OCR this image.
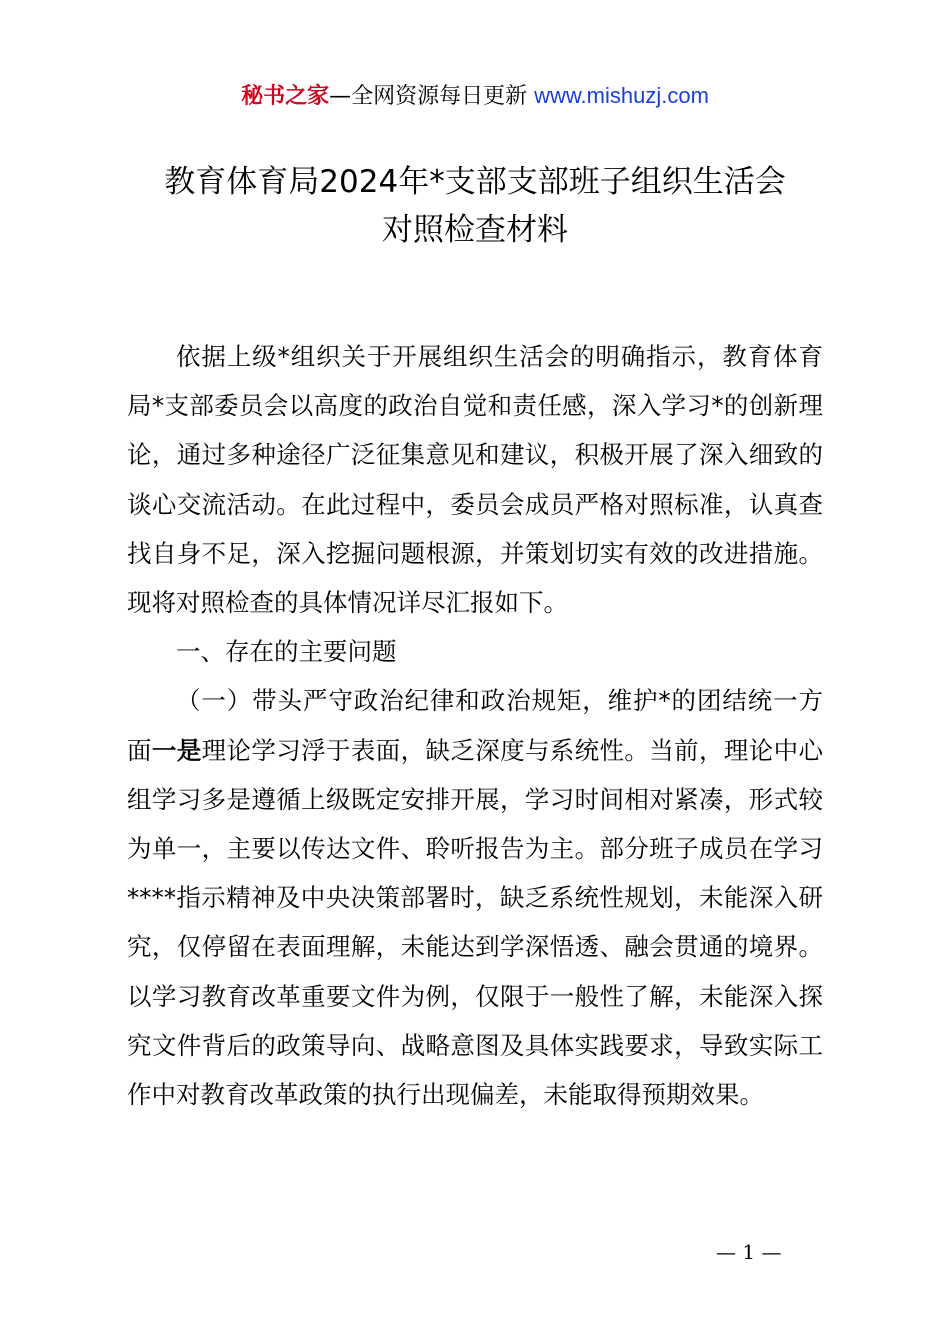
秘书之家—全网资源每日更新 www.mishuzj.com
教育体育局2024年*支部支部班子组织生活会
对照检查材料

依据上级*组织关于开展组织生活会的明确指示，教育体育局*支部委员会以高度的政治自觉和责任感，深入学习*的创新理论，通过多种途径广泛征集意见和建议，积极开展了深入细致的谈心交流活动。在此过程中，委员会成员严格对照标准，认真查找自身不足，深入挖掘问题根源，并策划切实有效的改进措施。现将对照检查的具体情况详尽汇报如下。

一、存在的主要问题

（一）带头严守政治纪律和政治规矩，维护*的团结统一方面一是理论学习浮于表面，缺乏深度与系统性。当前，理论中心组学习多是遵循上级既定安排开展，学习时间相对紧凑，形式较为单一，主要以传达文件、聆听报告为主。部分班子成员在学习****指示精神及中央决策部署时，缺乏系统性规划，未能深入研究，仅停留在表面理解，未能达到学深悟透、融会贯通的境界。以学习教育改革重要文件为例，仅限于一般性了解，未能深入探究文件背后的政策导向、战略意图及具体实践要求，导致实际工作中对教育改革政策的执行出现偏差，未能取得预期效果。

— 1 —
